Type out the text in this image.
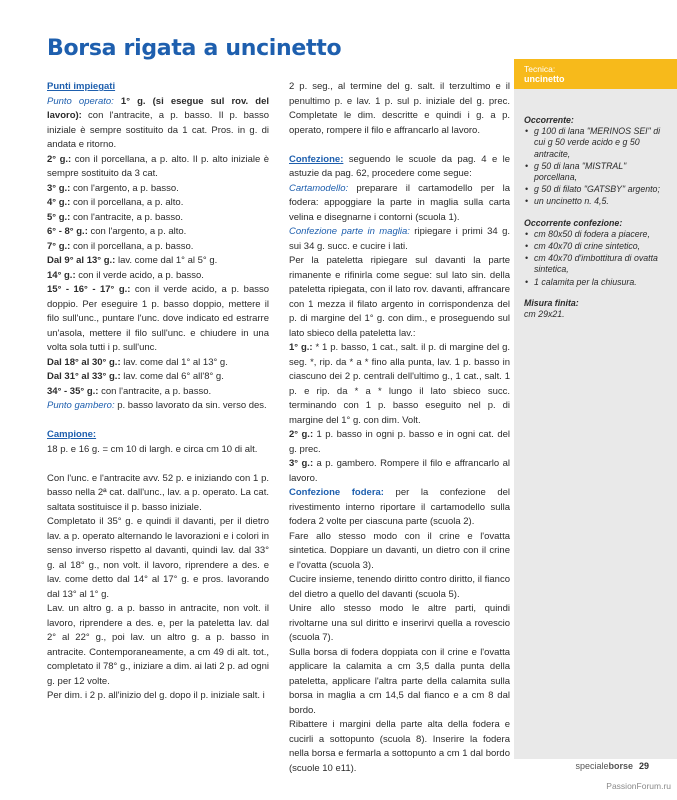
Borsa rigata a uncinetto

Punti impiegati

Punto operato: 1° g. (si esegue sul rov. del lavoro): con l'antracite, a p. basso. Il p. basso iniziale è sempre sostituito da 1 cat. Pros. in g. di andata e ritorno.

2° g.: con il porcellana, a p. alto. Il p. alto iniziale è sempre sostituito da 3 cat.

3° g.: con l'argento, a p. basso.

4° g.: con il porcellana, a p. alto.

5° g.: con l'antracite, a p. basso.

6° - 8° g.: con l'argento, a p. alto.

7° g.: con il porcellana, a p. basso.

Dal 9° al 13° g.: lav. come dal 1° al 5° g.

14° g.: con il verde acido, a p. basso.

15° - 16° - 17° g.: con il verde acido, a p. basso doppio. Per eseguire 1 p. basso doppio, mettere il filo sull'unc., puntare l'unc. dove indicato ed estrarre un'asola, mettere il filo sull'unc. e chiudere in una volta sola tutti i p. sull'unc.

Dal 18° al 30° g.: lav. come dal 1° al 13° g.

Dal 31° al 33° g.: lav. come dal 6° all'8° g.

34° - 35° g.: con l'antracite, a p. basso.

Punto gambero: p. basso lavorato da sin. verso des.

Campione:

18 p. e 16 g. = cm 10 di largh. e circa cm 10 di alt.

Con l'unc. e l'antracite avv. 52 p. e iniziando con 1 p. basso nella 2ª cat. dall'unc., lav. a p. operato. La cat. saltata sostituisce il p. basso iniziale.

Completato il 35° g. e quindi il davanti, per il dietro lav. a p. operato alternando le lavorazioni e i colori in senso inverso rispetto al davanti, quindi lav. dal 33° g. al 18° g., non volt. il lavoro, riprendere a des. e lav. come detto dal 14° al 17° g. e pros. lavorando dal 13° al 1° g.

Lav. un altro g. a p. basso in antracite, non volt. il lavoro, riprendere a des. e, per la pateletta lav. dal 2° al 22° g., poi lav. un altro g. a p. basso in antracite. Contemporaneamente, a cm 49 di alt. tot., completato il 78° g., iniziare a dim. ai lati 2 p. ad ogni g. per 12 volte.

Per dim. i 2 p. all'inizio del g. dopo il p. iniziale salt. i

2 p. seg., al termine del g. salt. il terzultimo e il penultimo p. e lav. 1 p. sul p. iniziale del g. prec. Completate le dim. descritte e quindi i g. a p. operato, rompere il filo e affrancarlo al lavoro.

Confezione: seguendo le scuole da pag. 4 e le astuzie da pag. 62, procedere come segue:

Cartamodello: preparare il cartamodello per la fodera: appoggiare la parte in maglia sulla carta velina e disegnarne i contorni (scuola 1).

Confezione parte in maglia: ripiegare i primi 34 g. sui 34 g. succ. e cucire i lati.

Per la pateletta ripiegare sul davanti la parte rimanente e rifinirla come segue: sul lato sin. della pateletta ripiegata, con il lato rov. davanti, affrancare con 1 mezza il filato argento in corrispondenza del p. di margine del 1° g. con dim., e proseguendo sul lato sbieco della pateletta lav.:

1° g.: * 1 p. basso, 1 cat., salt. il p. di margine del g. seg. *, rip. da * a * fino alla punta, lav. 1 p. basso in ciascuno dei 2 p. centrali dell'ultimo g., 1 cat., salt. 1 p. e rip. da * a * lungo il lato sbieco succ. terminando con 1 p. basso eseguito nel p. di margine del 1° g. con dim. Volt.

2° g.: 1 p. basso in ogni p. basso e in ogni cat. del g. prec.

3° g.: a p. gambero. Rompere il filo e affrancarlo al lavoro.

Confezione fodera: per la confezione del rivestimento interno riportare il cartamodello sulla fodera 2 volte per ciascuna parte (scuola 2).

Fare allo stesso modo con il crine e l'ovatta sintetica. Doppiare un davanti, un dietro con il crine e l'ovatta (scuola 3).

Cucire insieme, tenendo diritto contro diritto, il fianco del dietro a quello del davanti (scuola 5).

Unire allo stesso modo le altre parti, quindi rivoltarne una sul diritto e inserirvi quella a rovescio (scuola 7).

Sulla borsa di fodera doppiata con il crine e l'ovatta applicare la calamita a cm 3,5 dalla punta della pateletta, applicare l'altra parte della calamita sulla borsa in maglia a cm 14,5 dal fianco e a cm 8 dal bordo.

Ribattere i margini della parte alta della fodera e cucirli a sottopunto (scuola 8). Inserire la fodera nella borsa e fermarla a sottopunto a cm 1 dal bordo (scuole 10 e11).

Tecnica:
uncinetto
Occorrente:
• g 100 di lana "MERINOS SEI" di cui g 50 verde acido e g 50 antracite,
• g 50 di lana "MISTRAL" porcellana,
• g 50 di filato "GATSBY" argento;
• un uncinetto n. 4,5.
Occorrente confezione:
• cm 80x50 di fodera a piacere,
• cm 40x70 di crine sintetico,
• cm 40x70 d'imbottitura di ovatta sintetica,
• 1 calamita per la chiusura.
Misura finita:
cm 29x21.
specialeborse 29
PassionForum.ru
